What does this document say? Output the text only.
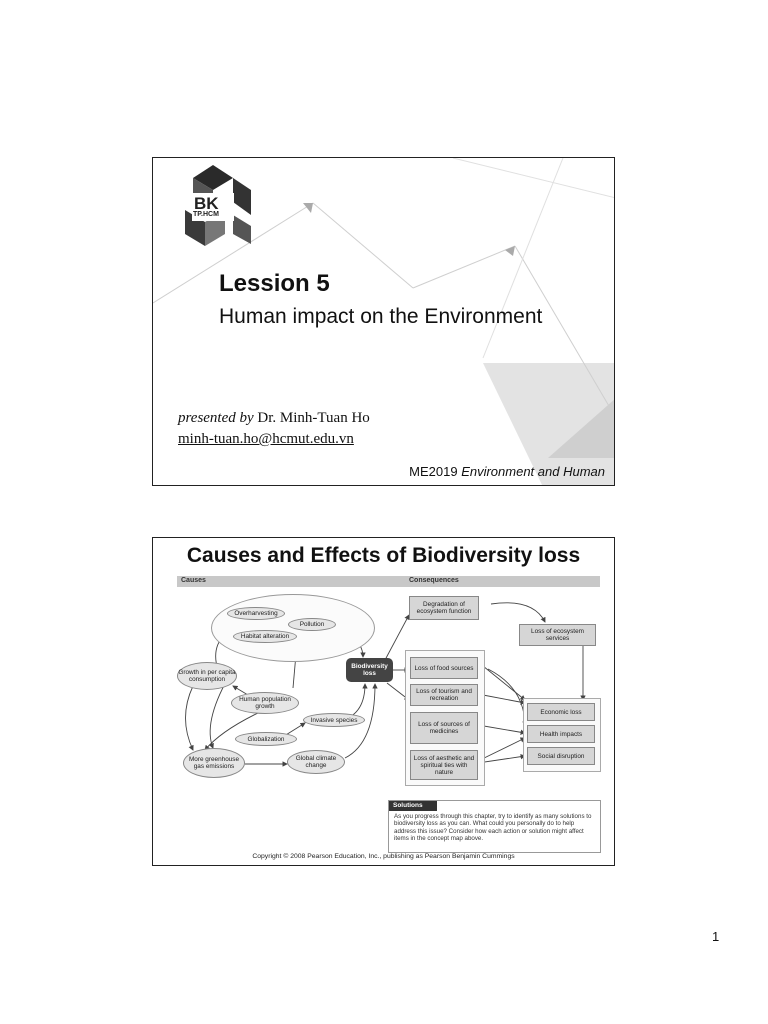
BK
TP.HCM
Lession 5
Human impact on the Environment
presented by Dr. Minh-Tuan Ho
minh-tuan.ho@hcmut.edu.vn
ME2019 Environment and Human
Causes and Effects of Biodiversity loss
Causes	Consequences
Overharvesting
Pollution
Habitat alteration
Growth in per capita consumption
Human population growth
Invasive species
Globalization
More greenhouse gas emissions
Global climate change
Biodiversity loss
Degradation of ecosystem function
Loss of ecosystem services
Loss of food sources
Loss of tourism and recreation
Loss of sources of medicines
Loss of aesthetic and spiritual ties with nature
Economic loss
Health impacts
Social disruption
Solutions
As you progress through this chapter, try to identify as many solutions to biodiversity loss as you can. What could you personally do to help address this issue? Consider how each action or solution might affect items in the concept map above.
Copyright © 2008 Pearson Education, Inc., publishing as Pearson Benjamin Cummings
1
